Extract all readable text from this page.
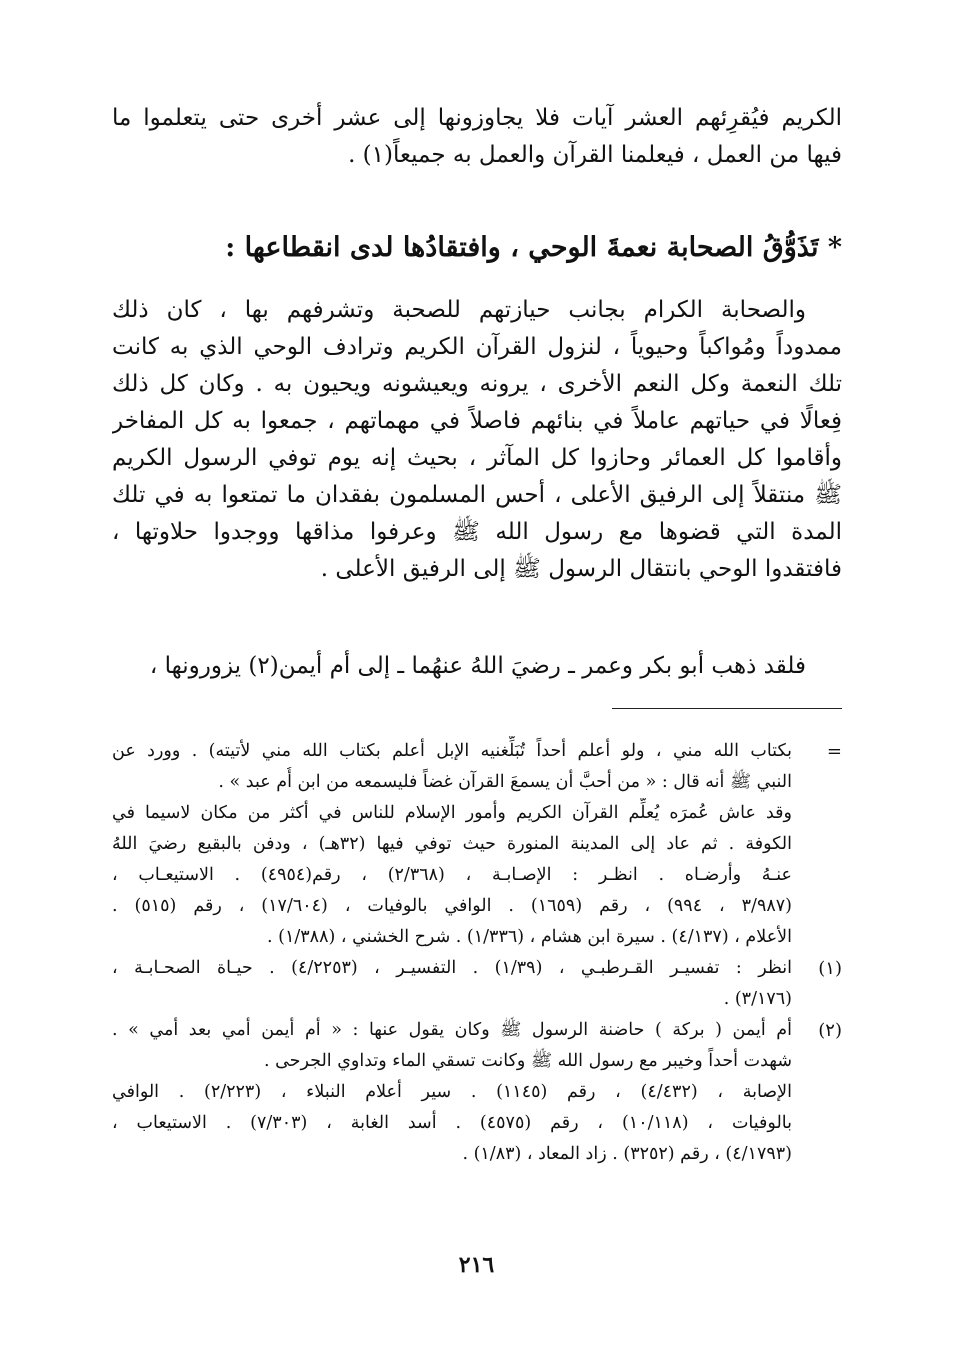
الكريم فيُقرِئهم العشر آيات فلا يجاوزونها إلى عشر أخرى حتى يتعلموا ما
فيها من العمل ، فيعلمنا القرآن والعمل به جميعاً(١) .
* تَذَوُّقُ الصحابة نعمةَ الوحي ، وافتقادُها لدى انقطاعها :
والصحابة الكرام بجانب حيازتهم للصحبة وتشرفهم بها ، كان ذلك
ممدوداً ومُواكباً وحيوياً ، لنزول القرآن الكريم وترادف الوحي الذي به كانت
تلك النعمة وكل النعم الأخرى ، يرونه ويعيشونه ويحيون به . وكان كل ذلك
فِعالًا في حياتهم عاملاً في بنائهم فاصلاً في مهماتهم ، جمعوا به كل المفاخر
وأقاموا كل العمائر وحازوا كل المآثر ، بحيث إنه يوم توفي الرسول الكريم
ﷺ منتقلاً إلى الرفيق الأعلى ، أحس المسلمون بفقدان ما تمتعوا به في تلك
المدة التي قضوها مع رسول الله ﷺ وعرفوا مذاقها ووجدوا حلاوتها ،
فافتقدوا الوحي بانتقال الرسول ﷺ إلى الرفيق الأعلى .
فلقد ذهب أبو بكر وعمر ـ رضيَ اللهُ عنهُما ـ إلى أم أيمن(٢) يزورونها ،
=
بكتاب الله مني ، ولو أعلم أحداً تُبَلِّغنيه الإبل أعلم بكتاب الله مني لأتيته) . وورد عن
النبي ﷺ أنه قال : « من أحبَّ أن يسمعَ القرآن غضاً فليسمعه من ابن أُم عبد » .
وقد عاش عُمرَه يُعلِّم القرآن الكريم وأمور الإسلام للناس في أكثر من مكان لاسيما في
الكوفة . ثم عاد إلى المدينة المنورة حيث توفي فيها (٣٢هـ) ، ودفن بالبقيع رضيَ اللهُ
عنـهُ وأرضـاه . انظـر : الإصـابـة ، (٢/٣٦٨) ، رقم(٤٩٥٤) . الاستيعـاب ،
(٣/٩٨٧ ، ٩٩٤) ، رقم (١٦٥٩) . الوافي بالوفيات ، (١٧/٦٠٤) ، رقم (٥١٥) .
الأعلام ، (٤/١٣٧) . سيرة ابن هشام ، (١/٣٣٦) . شرح الخشني ، (١/٣٨٨) .
(١)
انظر : تفسيـر القـرطبـي ، (١/٣٩) . التفسيـر ، (٤/٢٢٥٣) . حيـاة الصحـابـة ،
(٣/١٧٦) .
(٢)
أم أيمن ( بركة ) حاضنة الرسول ﷺ وكان يقول عنها : « أم أيمن أمي بعد أمي » .
شهدت أحداً وخيبر مع رسول الله ﷺ وكانت تسقي الماء وتداوي الجرحى .
الإصابة ، (٤/٤٣٢) ، رقم (١١٤٥) . سير أعلام النبلاء ، (٢/٢٢٣) . الوافي
بالوفيات ، (١٠/١١٨) ، رقم (٤٥٧٥) . أسد الغابة ، (٧/٣٠٣) . الاستيعاب ،
(٤/١٧٩٣) ، رقم (٣٢٥٢) . زاد المعاد ، (١/٨٣) .
٢١٦
